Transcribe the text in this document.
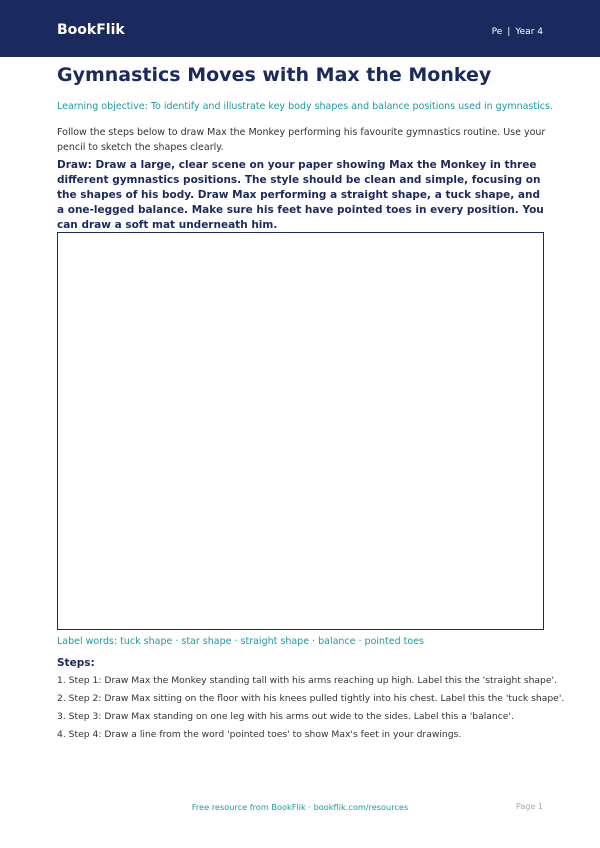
BookFlik	Pe | Year 4
Gymnastics Moves with Max the Monkey

Learning objective: To identify and illustrate key body shapes and balance positions used in gymnastics.

Follow the steps below to draw Max the Monkey performing his favourite gymnastics routine. Use your pencil to sketch the shapes clearly.

Draw: Draw a large, clear scene on your paper showing Max the Monkey in three different gymnastics positions. The style should be clean and simple, focusing on the shapes of his body. Draw Max performing a straight shape, a tuck shape, and a one-legged balance. Make sure his feet have pointed toes in every position. You can draw a soft mat underneath him.

Label words: tuck shape · star shape · straight shape · balance · pointed toes

Steps:
1. Step 1: Draw Max the Monkey standing tall with his arms reaching up high. Label this the 'straight shape'.
2. Step 2: Draw Max sitting on the floor with his knees pulled tightly into his chest. Label this the 'tuck shape'.
3. Step 3: Draw Max standing on one leg with his arms out wide to the sides. Label this a 'balance'.
4. Step 4: Draw a line from the word 'pointed toes' to show Max's feet in your drawings.
Free resource from BookFlik · bookflik.com/resources	Page 1
